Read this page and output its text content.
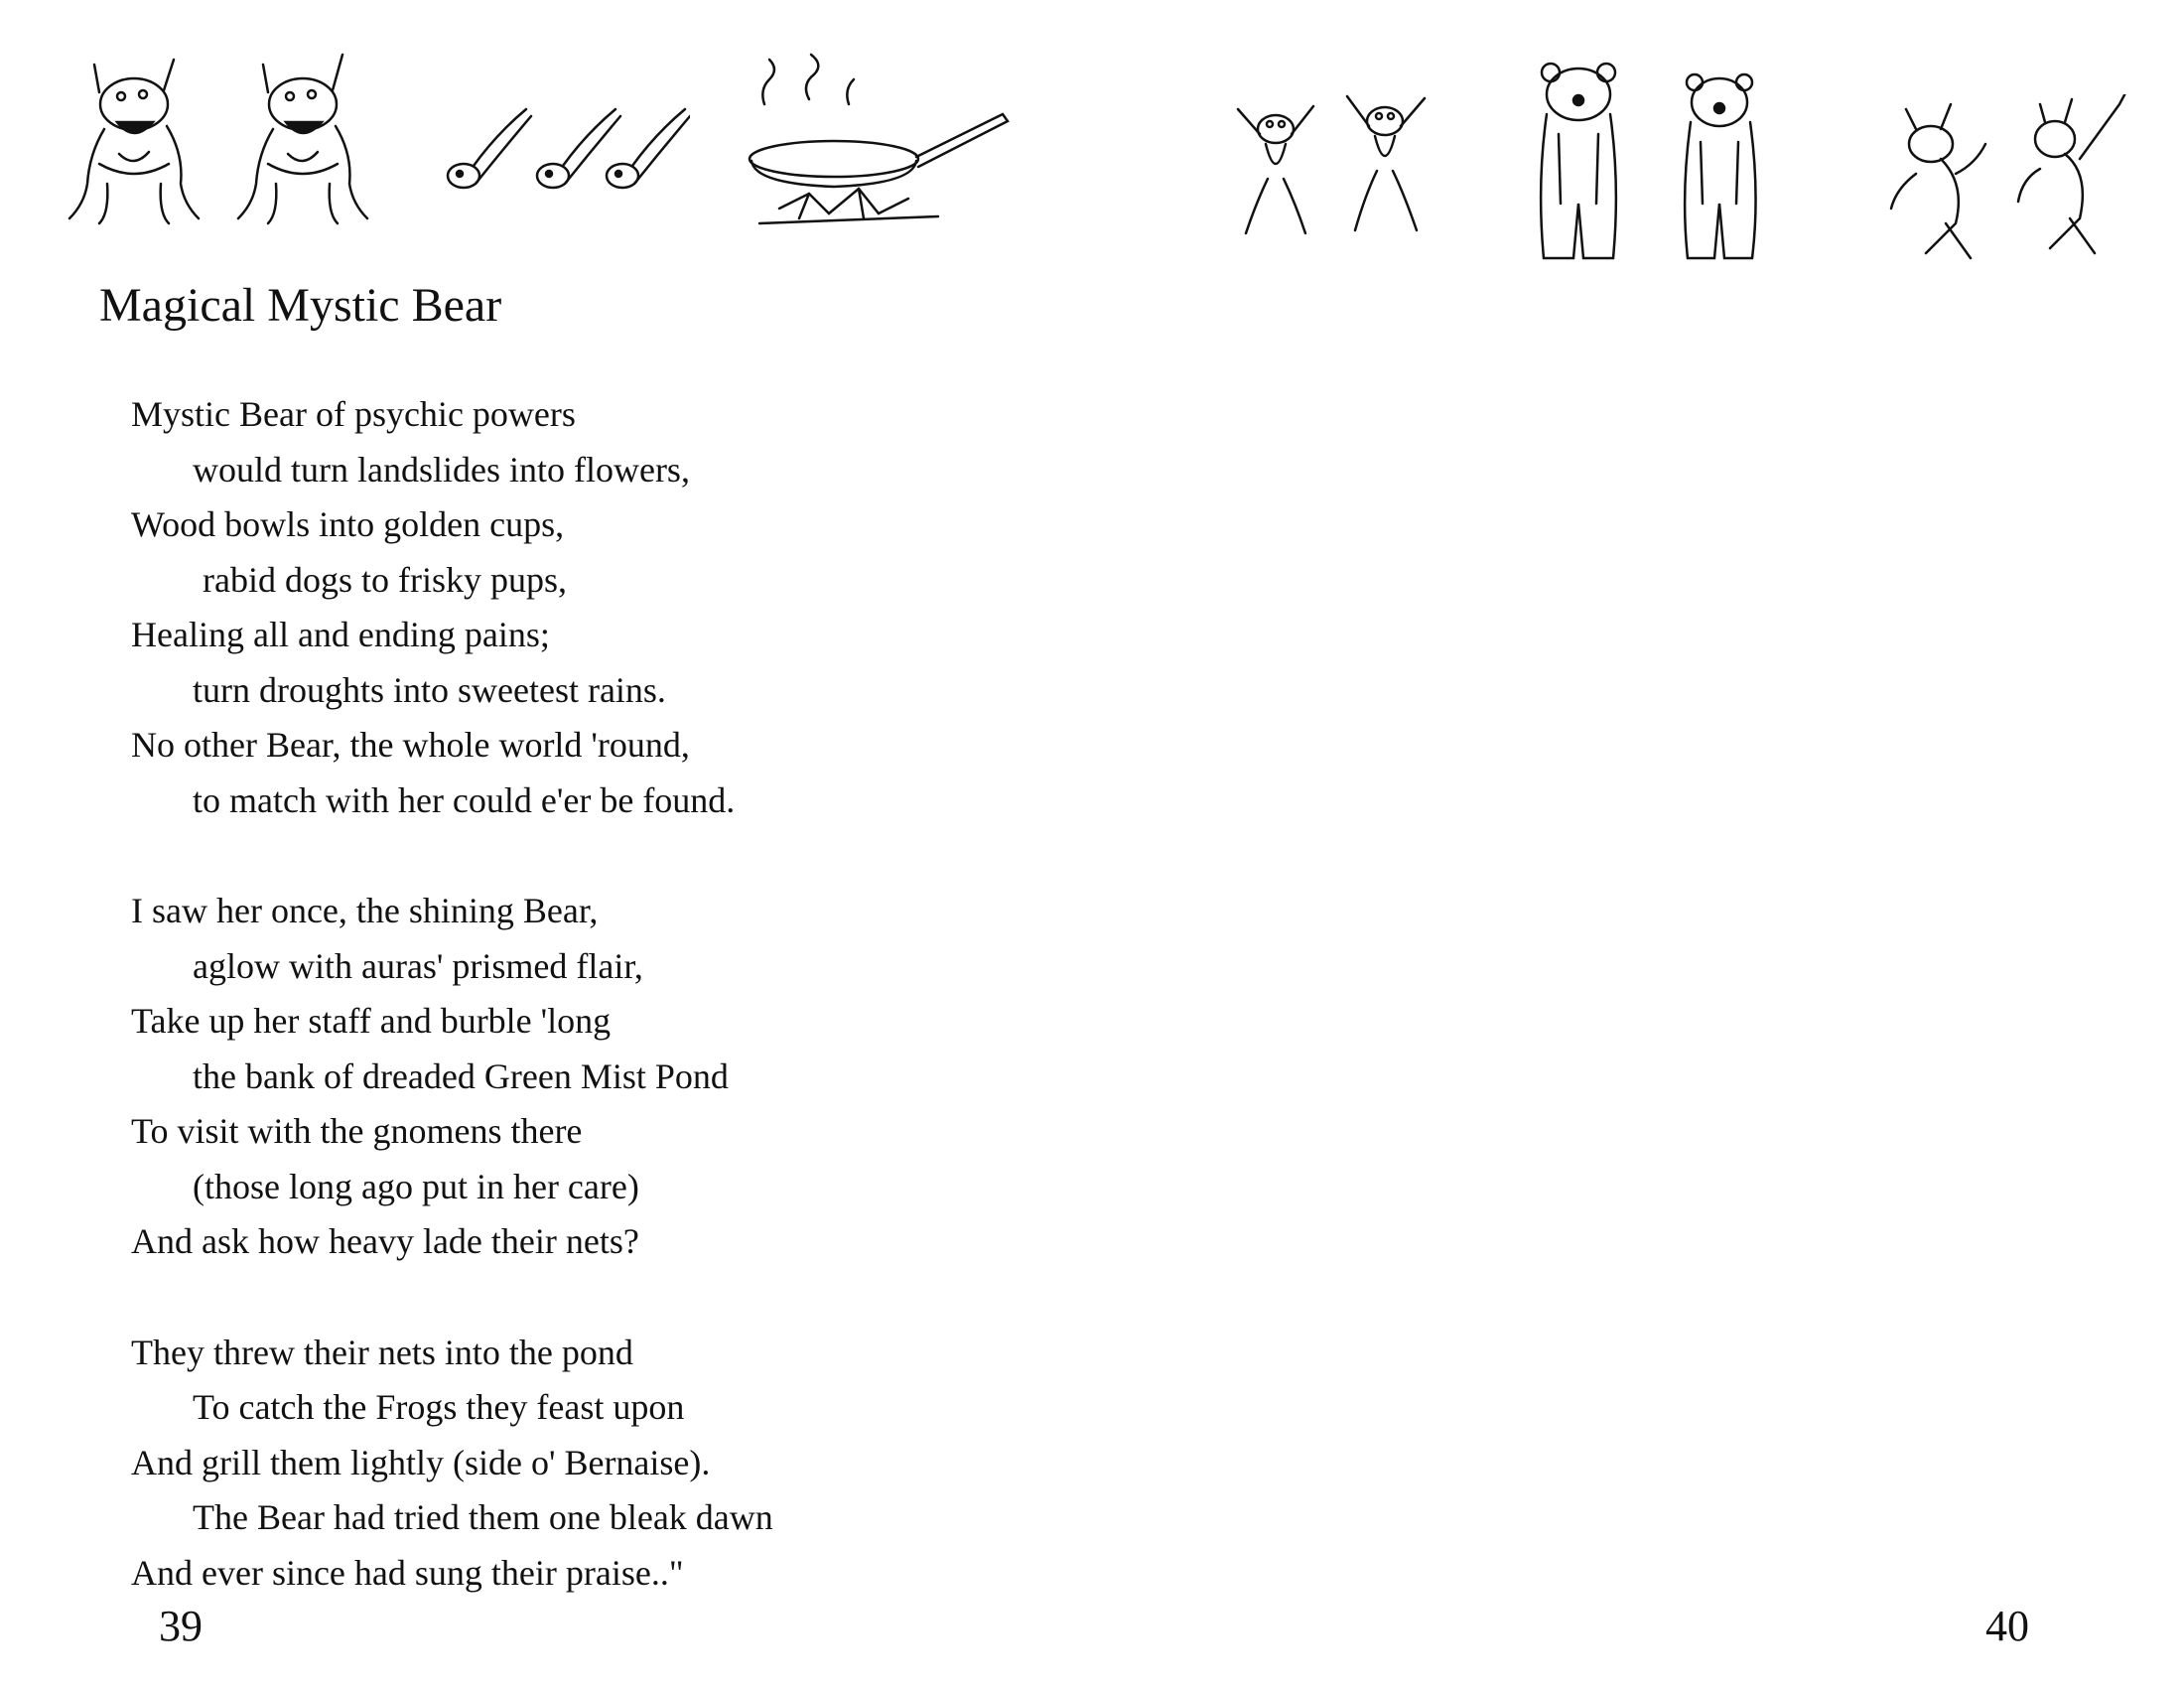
Magical Mystic Bear
Mystic Bear of psychic powers
would turn landslides into flowers,
Wood bowls into golden cups,
rabid dogs to frisky pups,
Healing all and ending pains;
turn droughts into sweetest rains.
No other Bear, the whole world 'round,
to match with her could e'er be found.
I saw her once, the shining Bear,
aglow with auras' prismed flair,
Take up her staff and burble 'long
the bank of dreaded Green Mist Pond
To visit with the gnomens there
(those long ago put in her care)
And ask how heavy lade their nets?
They threw their nets into the pond
To catch the Frogs they feast upon
And grill them lightly (side o' Bernaise).
The Bear had tried them one bleak dawn
And ever since had sung their praise.."
39	40
